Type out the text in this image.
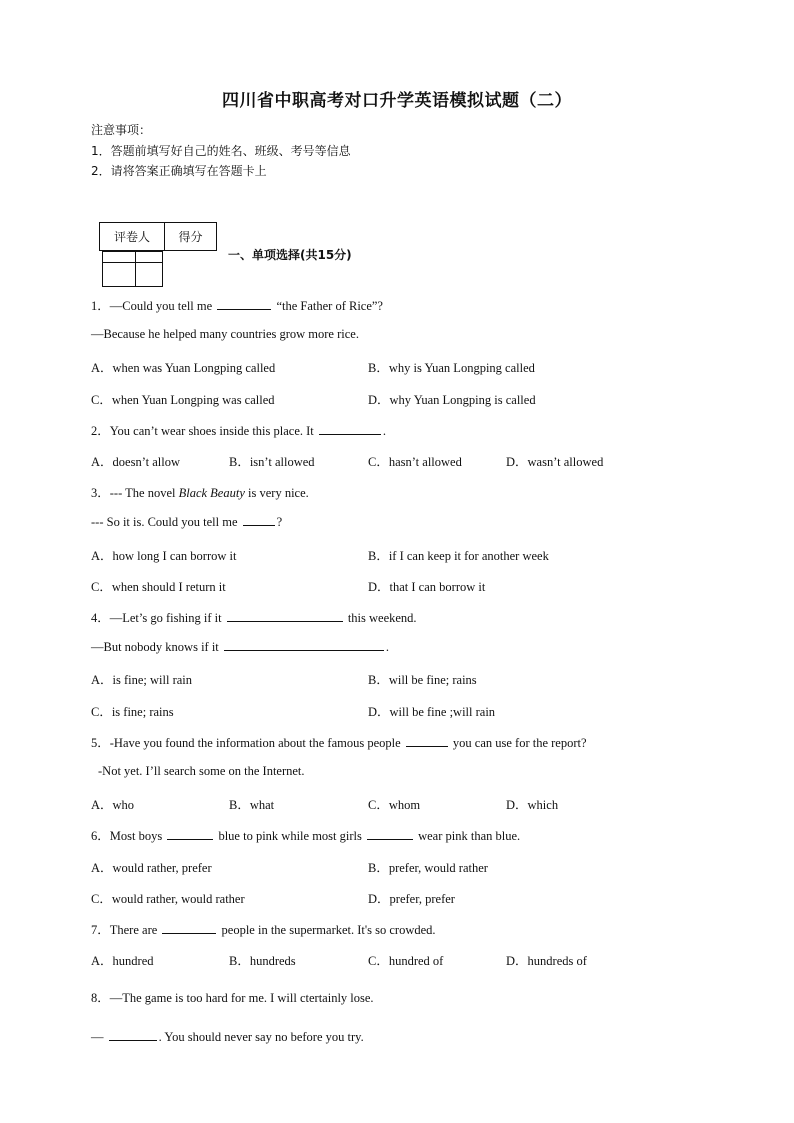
四川省中职高考对口升学英语模拟试题（二）
注意事项：
1．答题前填写好自己的姓名、班级、考号等信息
2．请将答案正确填写在答题卡上
评卷人	得分

一、单项选择(共15分)
1．—Could you tell me	“the Father of Rice”?
—Because he helped many countries grow more rice.
A．when was Yuan Longping called	B．why is Yuan Longping called
C．when Yuan Longping was called	D．why Yuan Longping is called
2．You can’t wear shoes inside this place. It	.
A．doesn’t allow	B．isn’t allowed	C．hasn’t allowed	D．wasn’t allowed
3．--- The novel Black Beauty is very nice.
--- So it is. Could you tell me	?
A．how long I can borrow it	B．if I can keep it for another week
C．when should I return it	D．that I can borrow it
4．—Let’s go fishing if it	this weekend.
—But nobody knows if it	.
A．is fine; will rain	B．will be fine; rains
C．is fine; rains	D．will be fine ;will rain
5．-Have you found the information about the famous people	you can use for the report?
-Not yet. I’ll search some on the Internet.
A．who	B．what	C．whom	D．which
6．Most boys	blue to pink while most girls	wear pink than blue.
A．would rather, prefer	B．prefer, would rather
C．would rather, would rather	D．prefer, prefer
7．There are	people in the supermarket. It's so crowded.
A．hundred	B．hundreds	C．hundred of	D．hundreds of
8．—The game is too hard for me. I will ctertainly lose.
—	. You should never say no before you try.
